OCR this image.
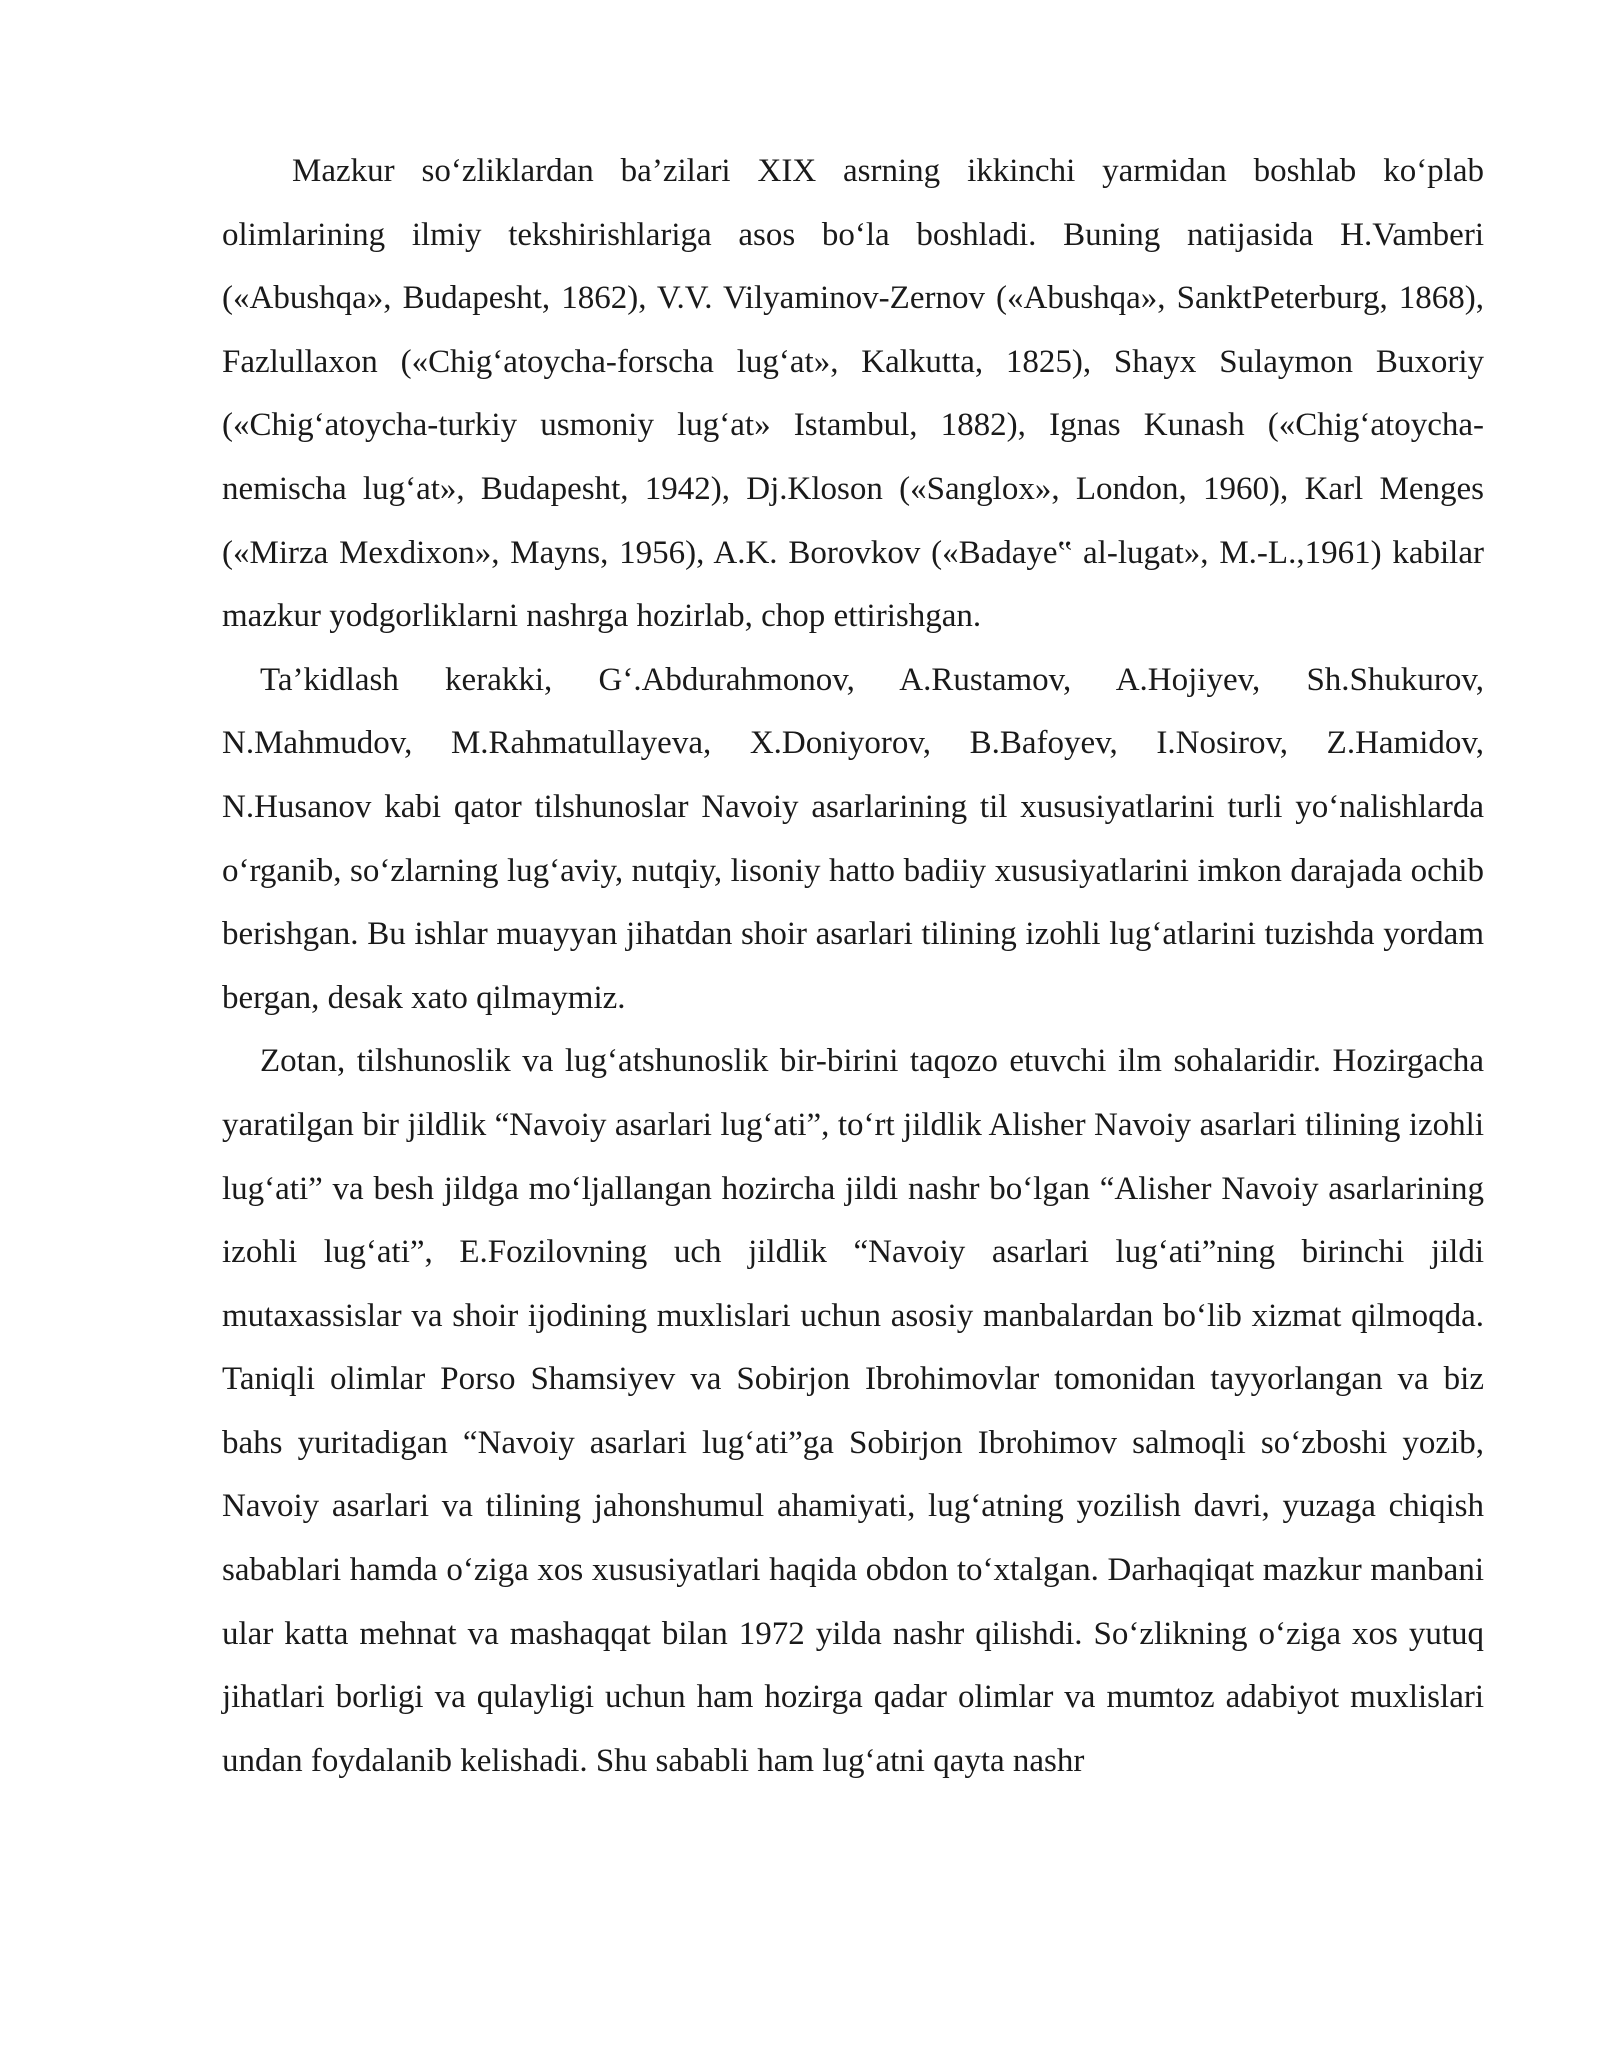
Mazkur so‘zliklardan ba’zilari XIX asrning ikkinchi yarmidan boshlab ko‘plab olimlarining ilmiy tekshirishlariga asos bo‘la boshladi. Buning natijasida H.Vamberi («Abushqa», Budapesht, 1862), V.V. Vilyaminov-Zernov («Abushqa», SanktPeterburg, 1868), Fazlullaxon («Chig‘atoycha-forscha lug‘at», Kalkutta, 1825), Shayx Sulaymon Buxoriy («Chig‘atoycha-turkiy usmoniy lug‘at» Istambul, 1882), Ignas Kunash («Chig‘atoycha-nemischa lug‘at», Budapesht, 1942), Dj.Kloson («Sanglox», London, 1960), Karl Menges («Mirza Mexdixon», Mayns, 1956), A.K. Borovkov («Badaye‟ al-lugat», M.-L.,1961) kabilar mazkur yodgorliklarni nashrga hozirlab, chop ettirishgan.

Ta’kidlash kerakki, G‘.Abdurahmonov, A.Rustamov, A.Hojiyev, Sh.Shukurov, N.Mahmudov, M.Rahmatullayeva, X.Doniyorov, B.Bafoyev, I.Nosirov, Z.Hamidov, N.Husanov kabi qator tilshunoslar Navoiy asarlarining til xususiyatlarini turli yo‘nalishlarda o‘rganib, so‘zlarning lug‘aviy, nutqiy, lisoniy hatto badiiy xususiyatlarini imkon darajada ochib berishgan. Bu ishlar muayyan jihatdan shoir asarlari tilining izohli lug‘atlarini tuzishda yordam bergan, desak xato qilmaymiz.

Zotan, tilshunoslik va lug‘atshunoslik bir-birini taqozo etuvchi ilm sohalaridir. Hozirgacha yaratilgan bir jildlik “Navoiy asarlari lug‘ati”, to‘rt jildlik Alisher Navoiy asarlari tilining izohli lug‘ati” va besh jildga mo‘ljallangan hozircha jildi nashr bo‘lgan “Alisher Navoiy asarlarining izohli lug‘ati”, E.Fozilovning uch jildlik “Navoiy asarlari lug‘ati”ning birinchi jildi mutaxassislar va shoir ijodining muxlislari uchun asosiy manbalardan bo‘lib xizmat qilmoqda. Taniqli olimlar Porso Shamsiyev va Sobirjon Ibrohimovlar tomonidan tayyorlangan va biz bahs yuritadigan “Navoiy asarlari lug‘ati”ga Sobirjon Ibrohimov salmoqli so‘zboshi yozib, Navoiy asarlari va tilining jahonshumul ahamiyati, lug‘atning yozilish davri, yuzaga chiqish sabablari hamda o‘ziga xos xususiyatlari haqida obdon to‘xtalgan. Darhaqiqat mazkur manbani ular katta mehnat va mashaqqat bilan 1972 yilda nashr qilishdi. So‘zlikning o‘ziga xos yutuq jihatlari borligi va qulayligi uchun ham hozirga qadar olimlar va mumtoz adabiyot muxlislari undan foydalanib kelishadi. Shu sababli ham lug‘atni qayta nashr
